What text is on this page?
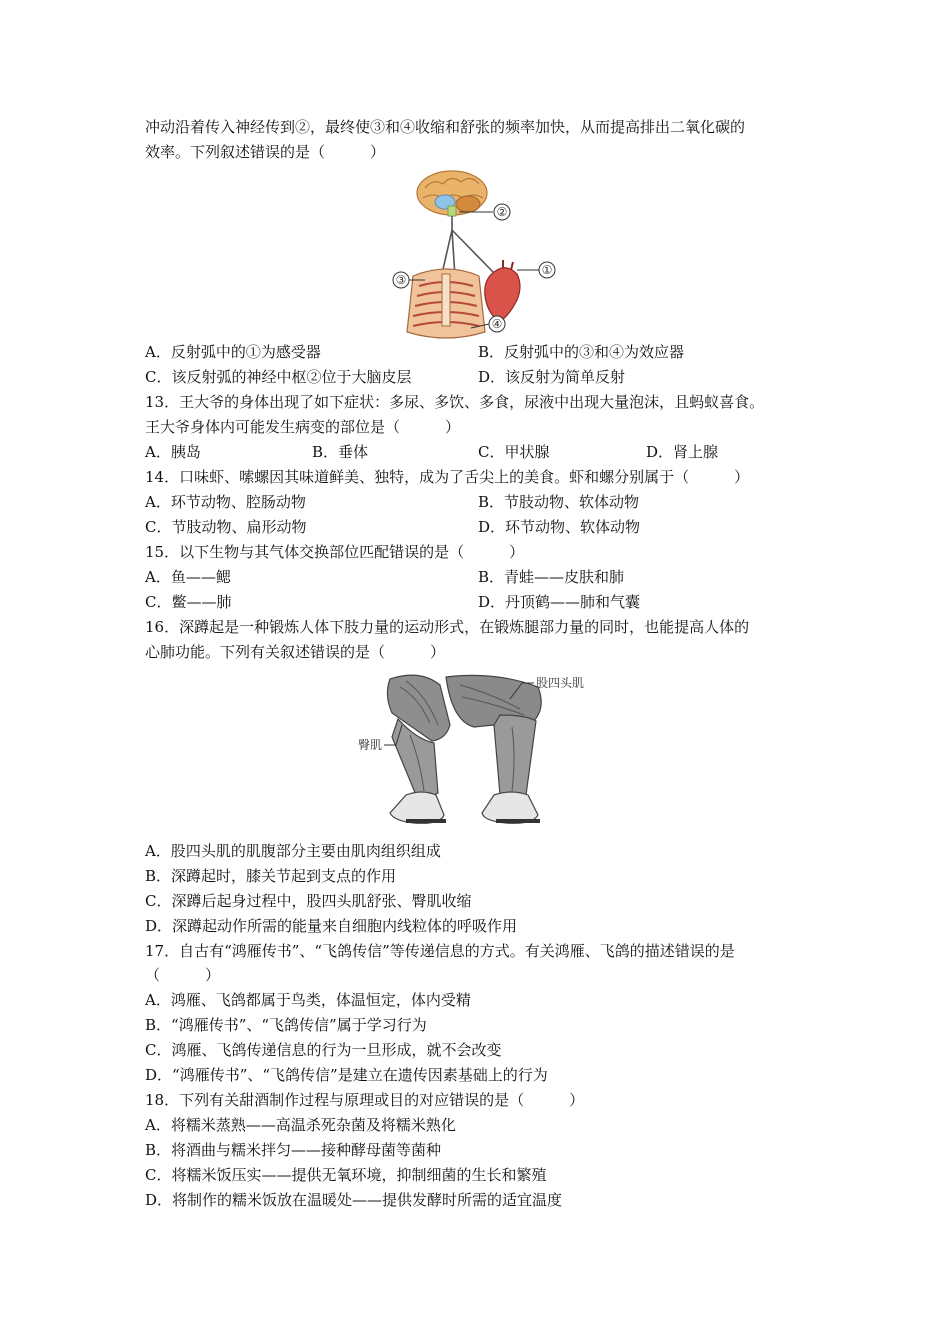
冲动沿着传入神经传到②，最终使③和④收缩和舒张的频率加快，从而提高排出二氧化碳的
效率。下列叙述错误的是（　　　）
②
③
①
④
A．反射弧中的①为感受器	B．反射弧中的③和④为效应器
C．该反射弧的神经中枢②位于大脑皮层	D．该反射为简单反射
13．王大爷的身体出现了如下症状：多尿、多饮、多食，尿液中出现大量泡沫，且蚂蚁喜食。
王大爷身体内可能发生病变的部位是（　　　）
A．胰岛	B．垂体	C．甲状腺	D．肾上腺
14．口味虾、嗦螺因其味道鲜美、独特，成为了舌尖上的美食。虾和螺分别属于（　　　）
A．环节动物、腔肠动物	B．节肢动物、软体动物
C．节肢动物、扁形动物	D．环节动物、软体动物
15．以下生物与其气体交换部位匹配错误的是（　　　）
A．鱼——鳃	B．青蛙——皮肤和肺
C．鳖——肺	D．丹顶鹤——肺和气囊
16．深蹲起是一种锻炼人体下肢力量的运动形式，在锻炼腿部力量的同时，也能提高人体的
心肺功能。下列有关叙述错误的是（　　　）
股四头肌
臀肌
A．股四头肌的肌腹部分主要由肌肉组织组成
B．深蹲起时，膝关节起到支点的作用
C．深蹲后起身过程中，股四头肌舒张、臀肌收缩
D．深蹲起动作所需的能量来自细胞内线粒体的呼吸作用
17．自古有“鸿雁传书”、“飞鸽传信”等传递信息的方式。有关鸿雁、飞鸽的描述错误的是
（　　　）
A．鸿雁、飞鸽都属于鸟类，体温恒定，体内受精
B．“鸿雁传书”、“飞鸽传信”属于学习行为
C．鸿雁、飞鸽传递信息的行为一旦形成，就不会改变
D．“鸿雁传书”、“飞鸽传信”是建立在遗传因素基础上的行为
18．下列有关甜酒制作过程与原理或目的对应错误的是（　　　）
A．将糯米蒸熟——高温杀死杂菌及将糯米熟化
B．将酒曲与糯米拌匀——接种酵母菌等菌种
C．将糯米饭压实——提供无氧环境，抑制细菌的生长和繁殖
D．将制作的糯米饭放在温暖处——提供发酵时所需的适宜温度
